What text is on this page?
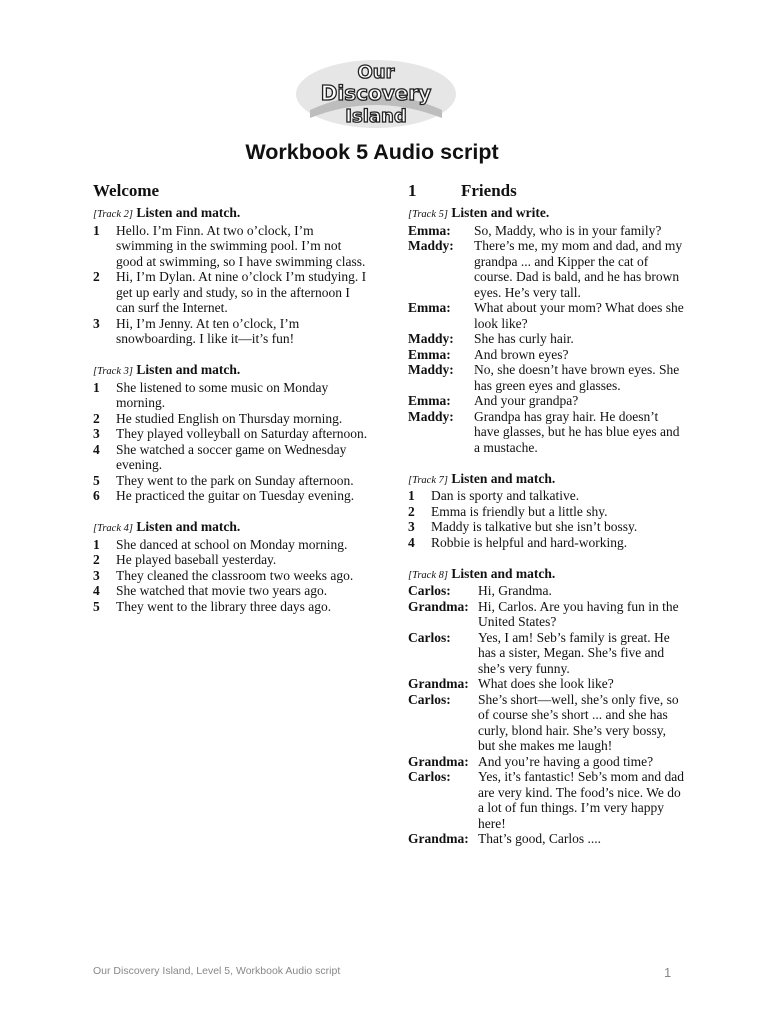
Our
Discovery
Island
Workbook 5 Audio script
Welcome
[Track 2] Listen and match.
1	Hello. I’m Finn. At two o’clock, I’m swimming in the swimming pool. I’m not good at swimming, so I have swimming class.
2	Hi, I’m Dylan. At nine o’clock I’m studying. I get up early and study, so in the afternoon I can surf the Internet.
3	Hi, I’m Jenny. At ten o’clock, I’m snowboarding. I like it—it’s fun!
[Track 3] Listen and match.
1	She listened to some music on Monday morning.
2	He studied English on Thursday morning.
3	They played volleyball on Saturday afternoon.
4	She watched a soccer game on Wednesday evening.
5	They went to the park on Sunday afternoon.
6	He practiced the guitar on Tuesday evening.
[Track 4] Listen and match.
1	She danced at school on Monday morning.
2	He played baseball yesterday.
3	They cleaned the classroom two weeks ago.
4	She watched that movie two years ago.
5	They went to the library three days ago.
1	Friends
[Track 5] Listen and write.
Emma:	So, Maddy, who is in your family?
Maddy:	There’s me, my mom and dad, and my grandpa ... and Kipper the cat of course. Dad is bald, and he has brown eyes. He’s very tall.
Emma:	What about your mom? What does she look like?
Maddy:	She has curly hair.
Emma:	And brown eyes?
Maddy:	No, she doesn’t have brown eyes. She has green eyes and glasses.
Emma:	And your grandpa?
Maddy:	Grandpa has gray hair. He doesn’t have glasses, but he has blue eyes and a mustache.
[Track 7] Listen and match.
1	Dan is sporty and talkative.
2	Emma is friendly but a little shy.
3	Maddy is talkative but she isn’t bossy.
4	Robbie is helpful and hard-working.
[Track 8] Listen and match.
Carlos:	Hi, Grandma.
Grandma: Hi, Carlos. Are you having fun in the United States?
Carlos:	Yes, I am! Seb’s family is great. He has a sister, Megan. She’s five and she’s very funny.
Grandma: What does she look like?
Carlos:	She’s short—well, she’s only five, so of course she’s short ... and she has curly, blond hair. She’s very bossy, but she makes me laugh!
Grandma: And you’re having a good time?
Carlos:	Yes, it’s fantastic! Seb’s mom and dad are very kind. The food’s nice. We do a lot of fun things. I’m very happy here!
Grandma: That’s good, Carlos ....
Our Discovery Island, Level 5, Workbook Audio script	1
